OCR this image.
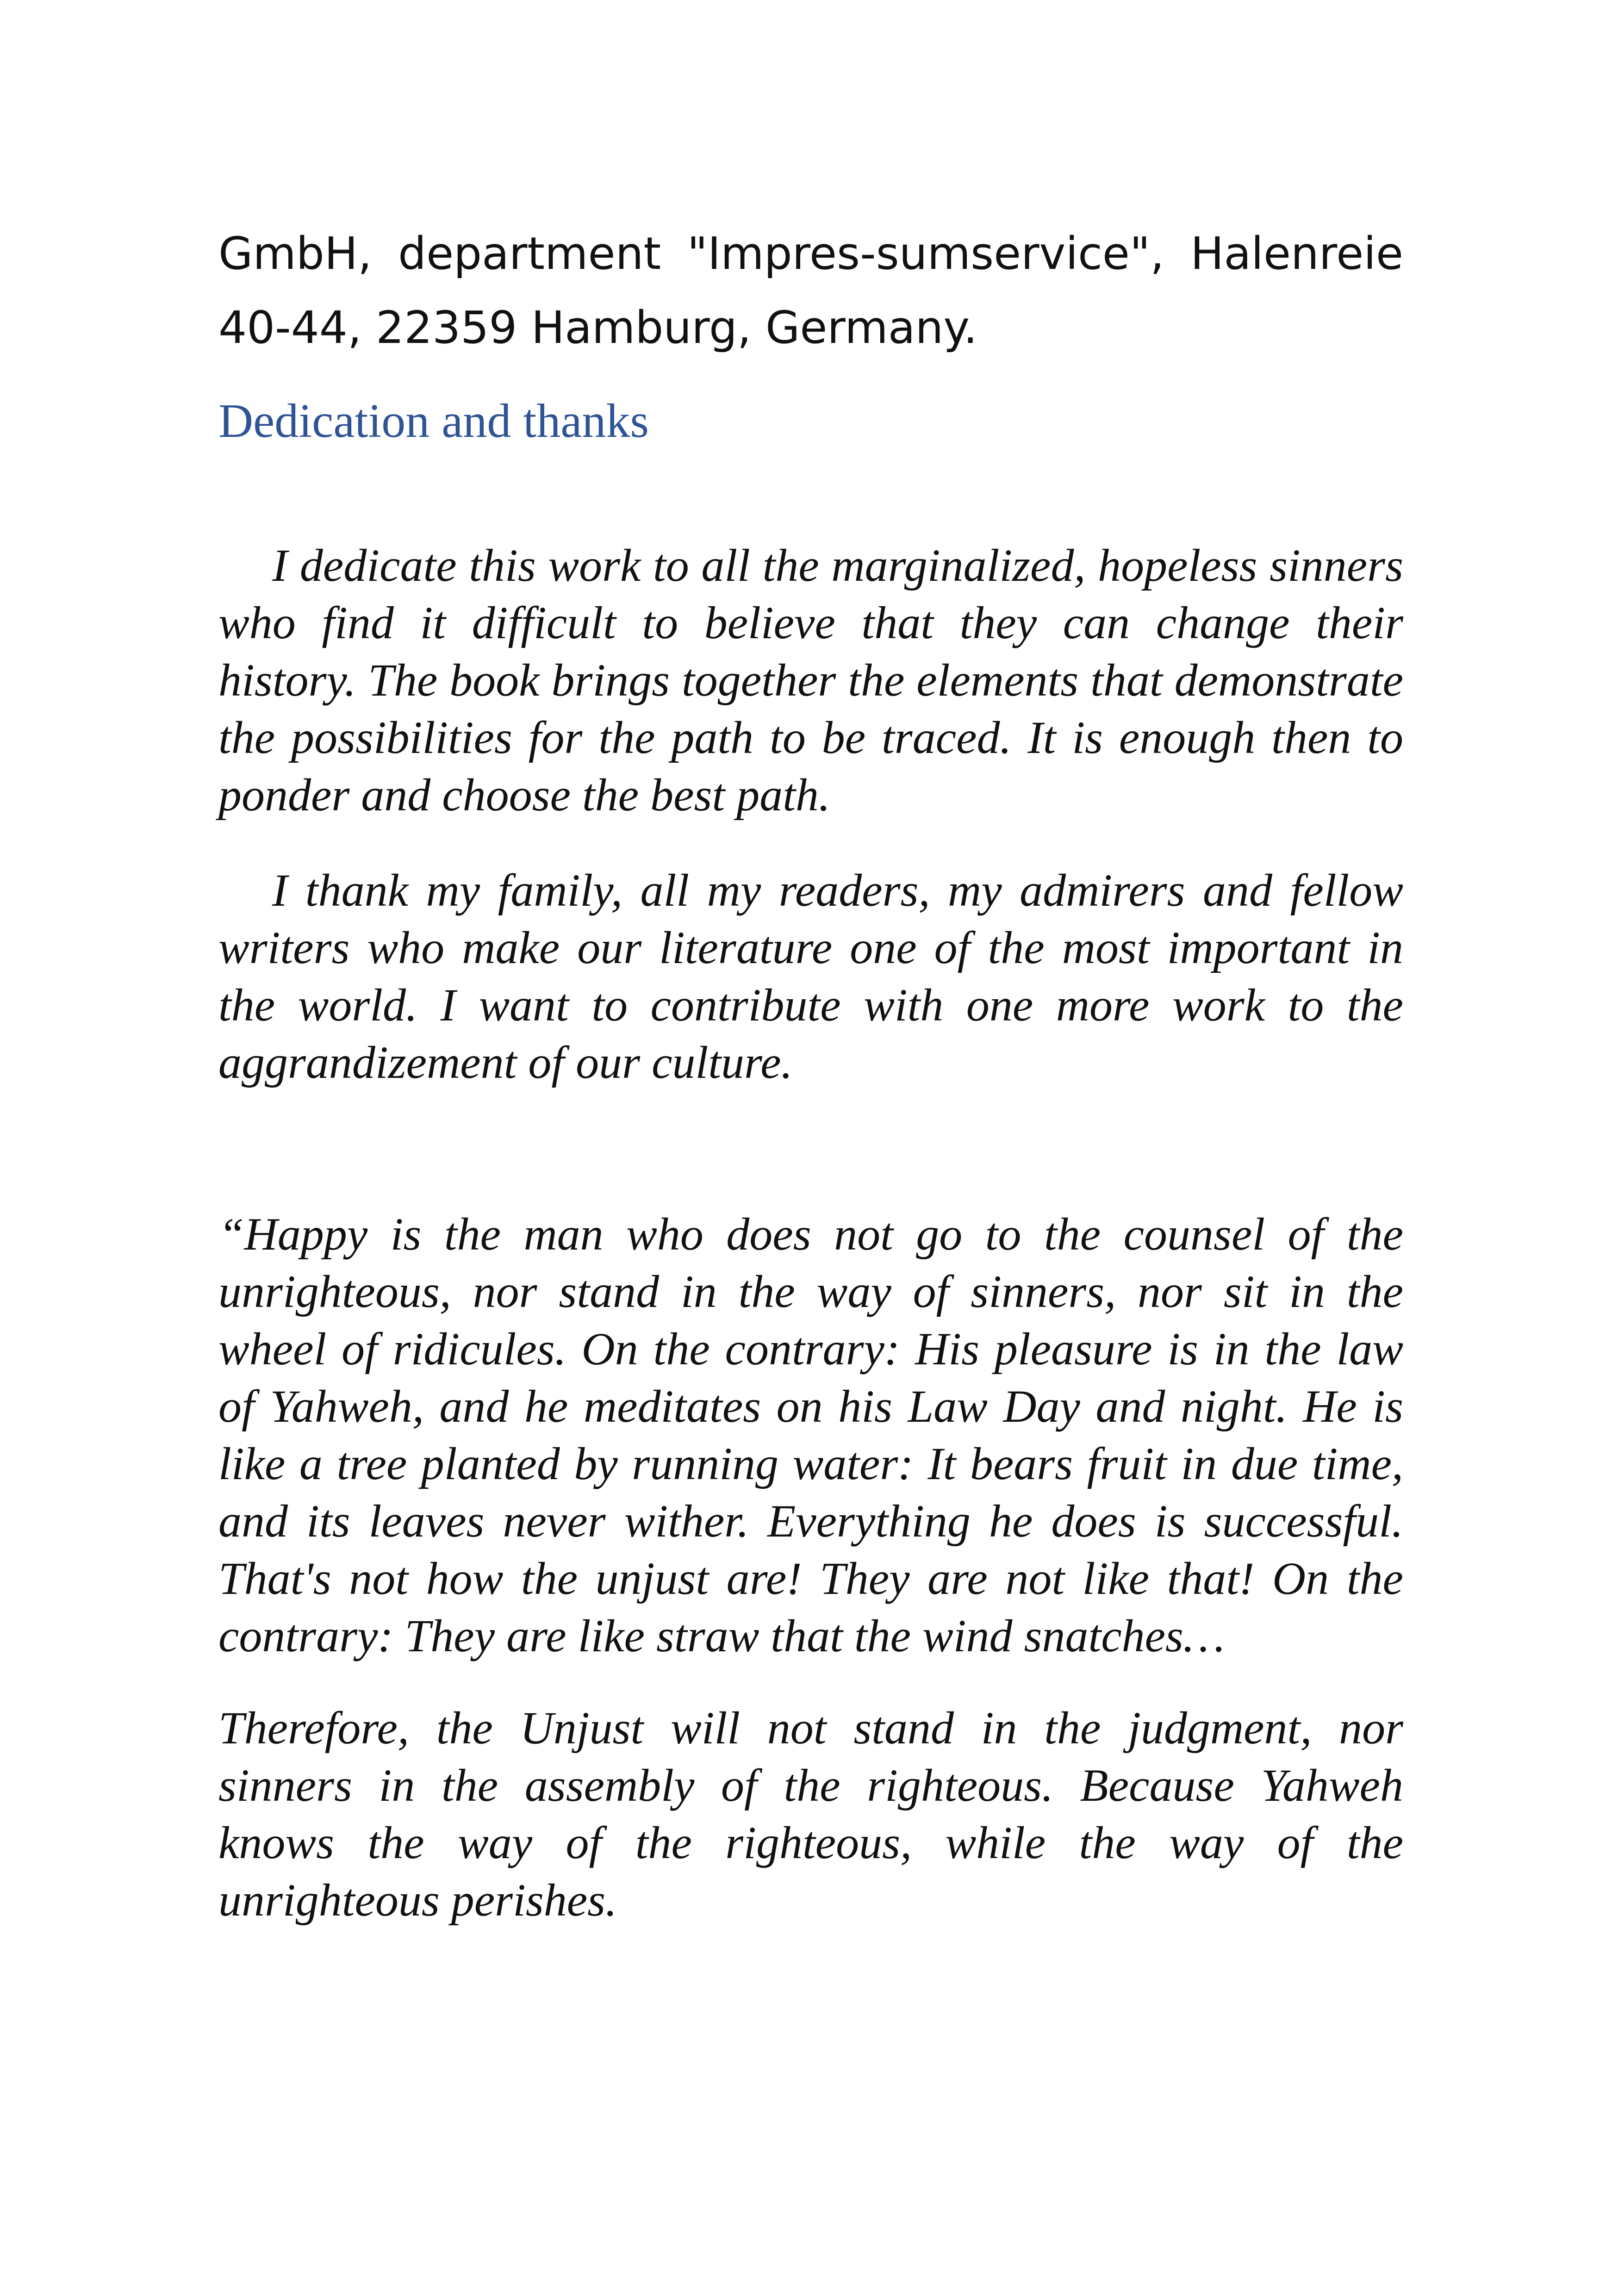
GmbH, department "Impres-sumservice", Halenreie 40-44, 22359 Hamburg, Germany.

Dedication and thanks

I dedicate this work to all the marginalized, hopeless sinners who find it difficult to believe that they can change their history. The book brings together the elements that demonstrate the possibilities for the path to be traced. It is enough then to ponder and choose the best path.

I thank my family, all my readers, my admirers and fellow writers who make our literature one of the most important in the world. I want to contribute with one more work to the aggrandizement of our culture.

“Happy is the man who does not go to the counsel of the unrighteous, nor stand in the way of sinners, nor sit in the wheel of ridicules. On the contrary: His pleasure is in the law of Yahweh, and he meditates on his Law Day and night. He is like a tree planted by running water: It bears fruit in due time, and its leaves never wither. Everything he does is successful. That's not how the unjust are! They are not like that! On the contrary: They are like straw that the wind snatches…

Therefore, the Unjust will not stand in the judgment, nor sinners in the assembly of the righteous. Because Yahweh knows the way of the righteous, while the way of the unrighteous perishes.
